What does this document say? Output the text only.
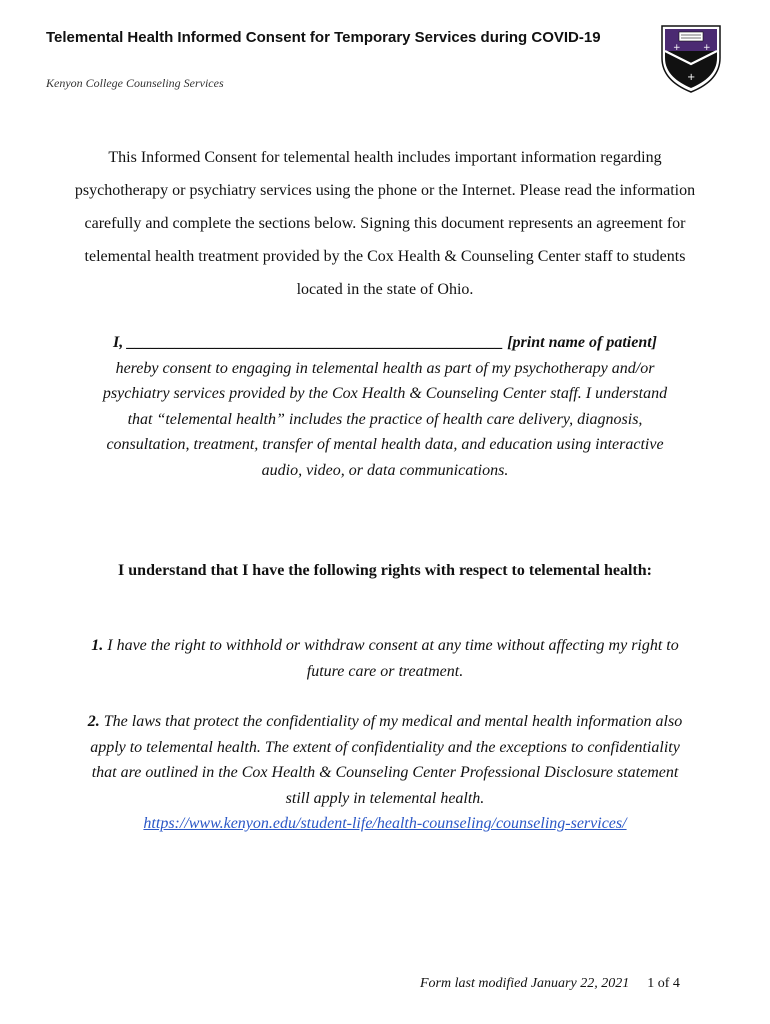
Telemental Health Informed Consent for Temporary Services during COVID-19
Kenyon College Counseling Services
+ +
+
This Informed Consent for telemental health includes important information regarding psychotherapy or psychiatry services using the phone or the Internet. Please read the information carefully and complete the sections below. Signing this document represents an agreement for telemental health treatment provided by the Cox Health & Counseling Center staff to students located in the state of Ohio.
I, _______________________________________________ [print name of patient] hereby consent to engaging in telemental health as part of my psychotherapy and/or psychiatry services provided by the Cox Health & Counseling Center staff. I understand that “telemental health” includes the practice of health care delivery, diagnosis, consultation, treatment, transfer of mental health data, and education using interactive audio, video, or data communications.
I understand that I have the following rights with respect to telemental health:
1. I have the right to withhold or withdraw consent at any time without affecting my right to future care or treatment.
2. The laws that protect the confidentiality of my medical and mental health information also apply to telemental health. The extent of confidentiality and the exceptions to confidentiality that are outlined in the Cox Health & Counseling Center Professional Disclosure statement still apply in telemental health.
https://www.kenyon.edu/student-life/health-counseling/counseling-services/
Form last modified January 22, 2021 1 of 4
